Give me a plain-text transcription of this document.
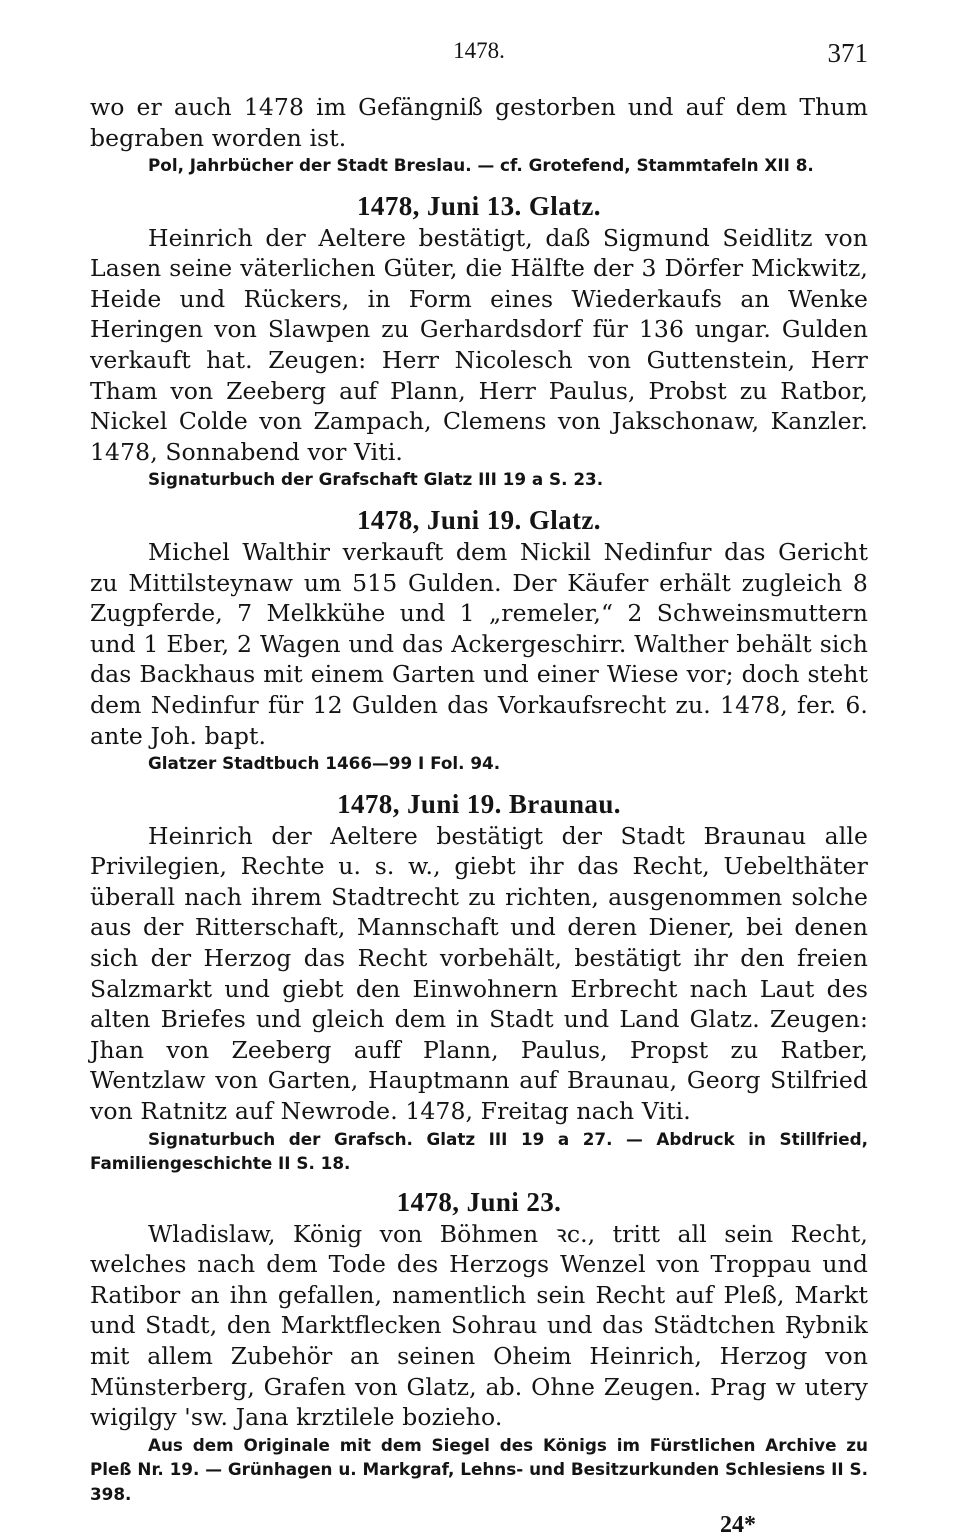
1478.	371

wo er auch 1478 im Gefängniß gestorben und auf dem Thum begraben worden ist.

Pol, Jahrbücher der Stadt Breslau. — cf. Grotefend, Stammtafeln XII 8.

1478, Juni 13. Glatz.

Heinrich der Aeltere bestätigt, daß Sigmund Seidlitz von Lasen seine väterlichen Güter, die Hälfte der 3 Dörfer Mickwitz, Heide und Rückers, in Form eines Wiederkaufs an Wenke Heringen von Slawpen zu Gerhardsdorf für 136 ungar. Gulden verkauft hat. Zeugen: Herr Nicolesch von Guttenstein, Herr Tham von Zeeberg auf Plann, Herr Paulus, Probst zu Ratbor, Nickel Colde von Zampach, Clemens von Jakschonaw, Kanzler. 1478, Sonnabend vor Viti.

Signaturbuch der Grafschaft Glatz III 19 a S. 23.

1478, Juni 19. Glatz.

Michel Walthir verkauft dem Nickil Nedinfur das Gericht zu Mittilsteynaw um 515 Gulden. Der Käufer erhält zugleich 8 Zugpferde, 7 Melkkühe und 1 „remeler,“ 2 Schweinsmuttern und 1 Eber, 2 Wagen und das Ackergeschirr. Walther behält sich das Backhaus mit einem Garten und einer Wiese vor; doch steht dem Nedinfur für 12 Gulden das Vorkaufsrecht zu. 1478, fer. 6. ante Joh. bapt.

Glatzer Stadtbuch 1466—99 I Fol. 94.

1478, Juni 19. Braunau.

Heinrich der Aeltere bestätigt der Stadt Braunau alle Privilegien, Rechte u. s. w., giebt ihr das Recht, Uebelthäter überall nach ihrem Stadtrecht zu richten, ausgenommen solche aus der Ritterschaft, Mannschaft und deren Diener, bei denen sich der Herzog das Recht vorbehält, bestätigt ihr den freien Salzmarkt und giebt den Einwohnern Erbrecht nach Laut des alten Briefes und gleich dem in Stadt und Land Glatz. Zeugen: Jhan von Zeeberg auff Plann, Paulus, Propst zu Ratber, Wentzlaw von Garten, Hauptmann auf Braunau, Georg Stilfried von Ratnitz auf Newrode. 1478, Freitag nach Viti.

Signaturbuch der Grafsch. Glatz III 19 a 27. — Abdruck in Stillfried, Familiengeschichte II S. 18.

1478, Juni 23.

Wladislaw, König von Böhmen ꝛc., tritt all sein Recht, welches nach dem Tode des Herzogs Wenzel von Troppau und Ratibor an ihn gefallen, namentlich sein Recht auf Pleß, Markt und Stadt, den Marktflecken Sohrau und das Städtchen Rybnik mit allem Zubehör an seinen Oheim Heinrich, Herzog von Münsterberg, Grafen von Glatz, ab. Ohne Zeugen. Prag w utery wigilgy 'sw. Jana krztilele bozieho.

Aus dem Originale mit dem Siegel des Königs im Fürstlichen Archive zu Pleß Nr. 19. — Grünhagen u. Markgraf, Lehns- und Besitzurkunden Schlesiens II S. 398.

24*
